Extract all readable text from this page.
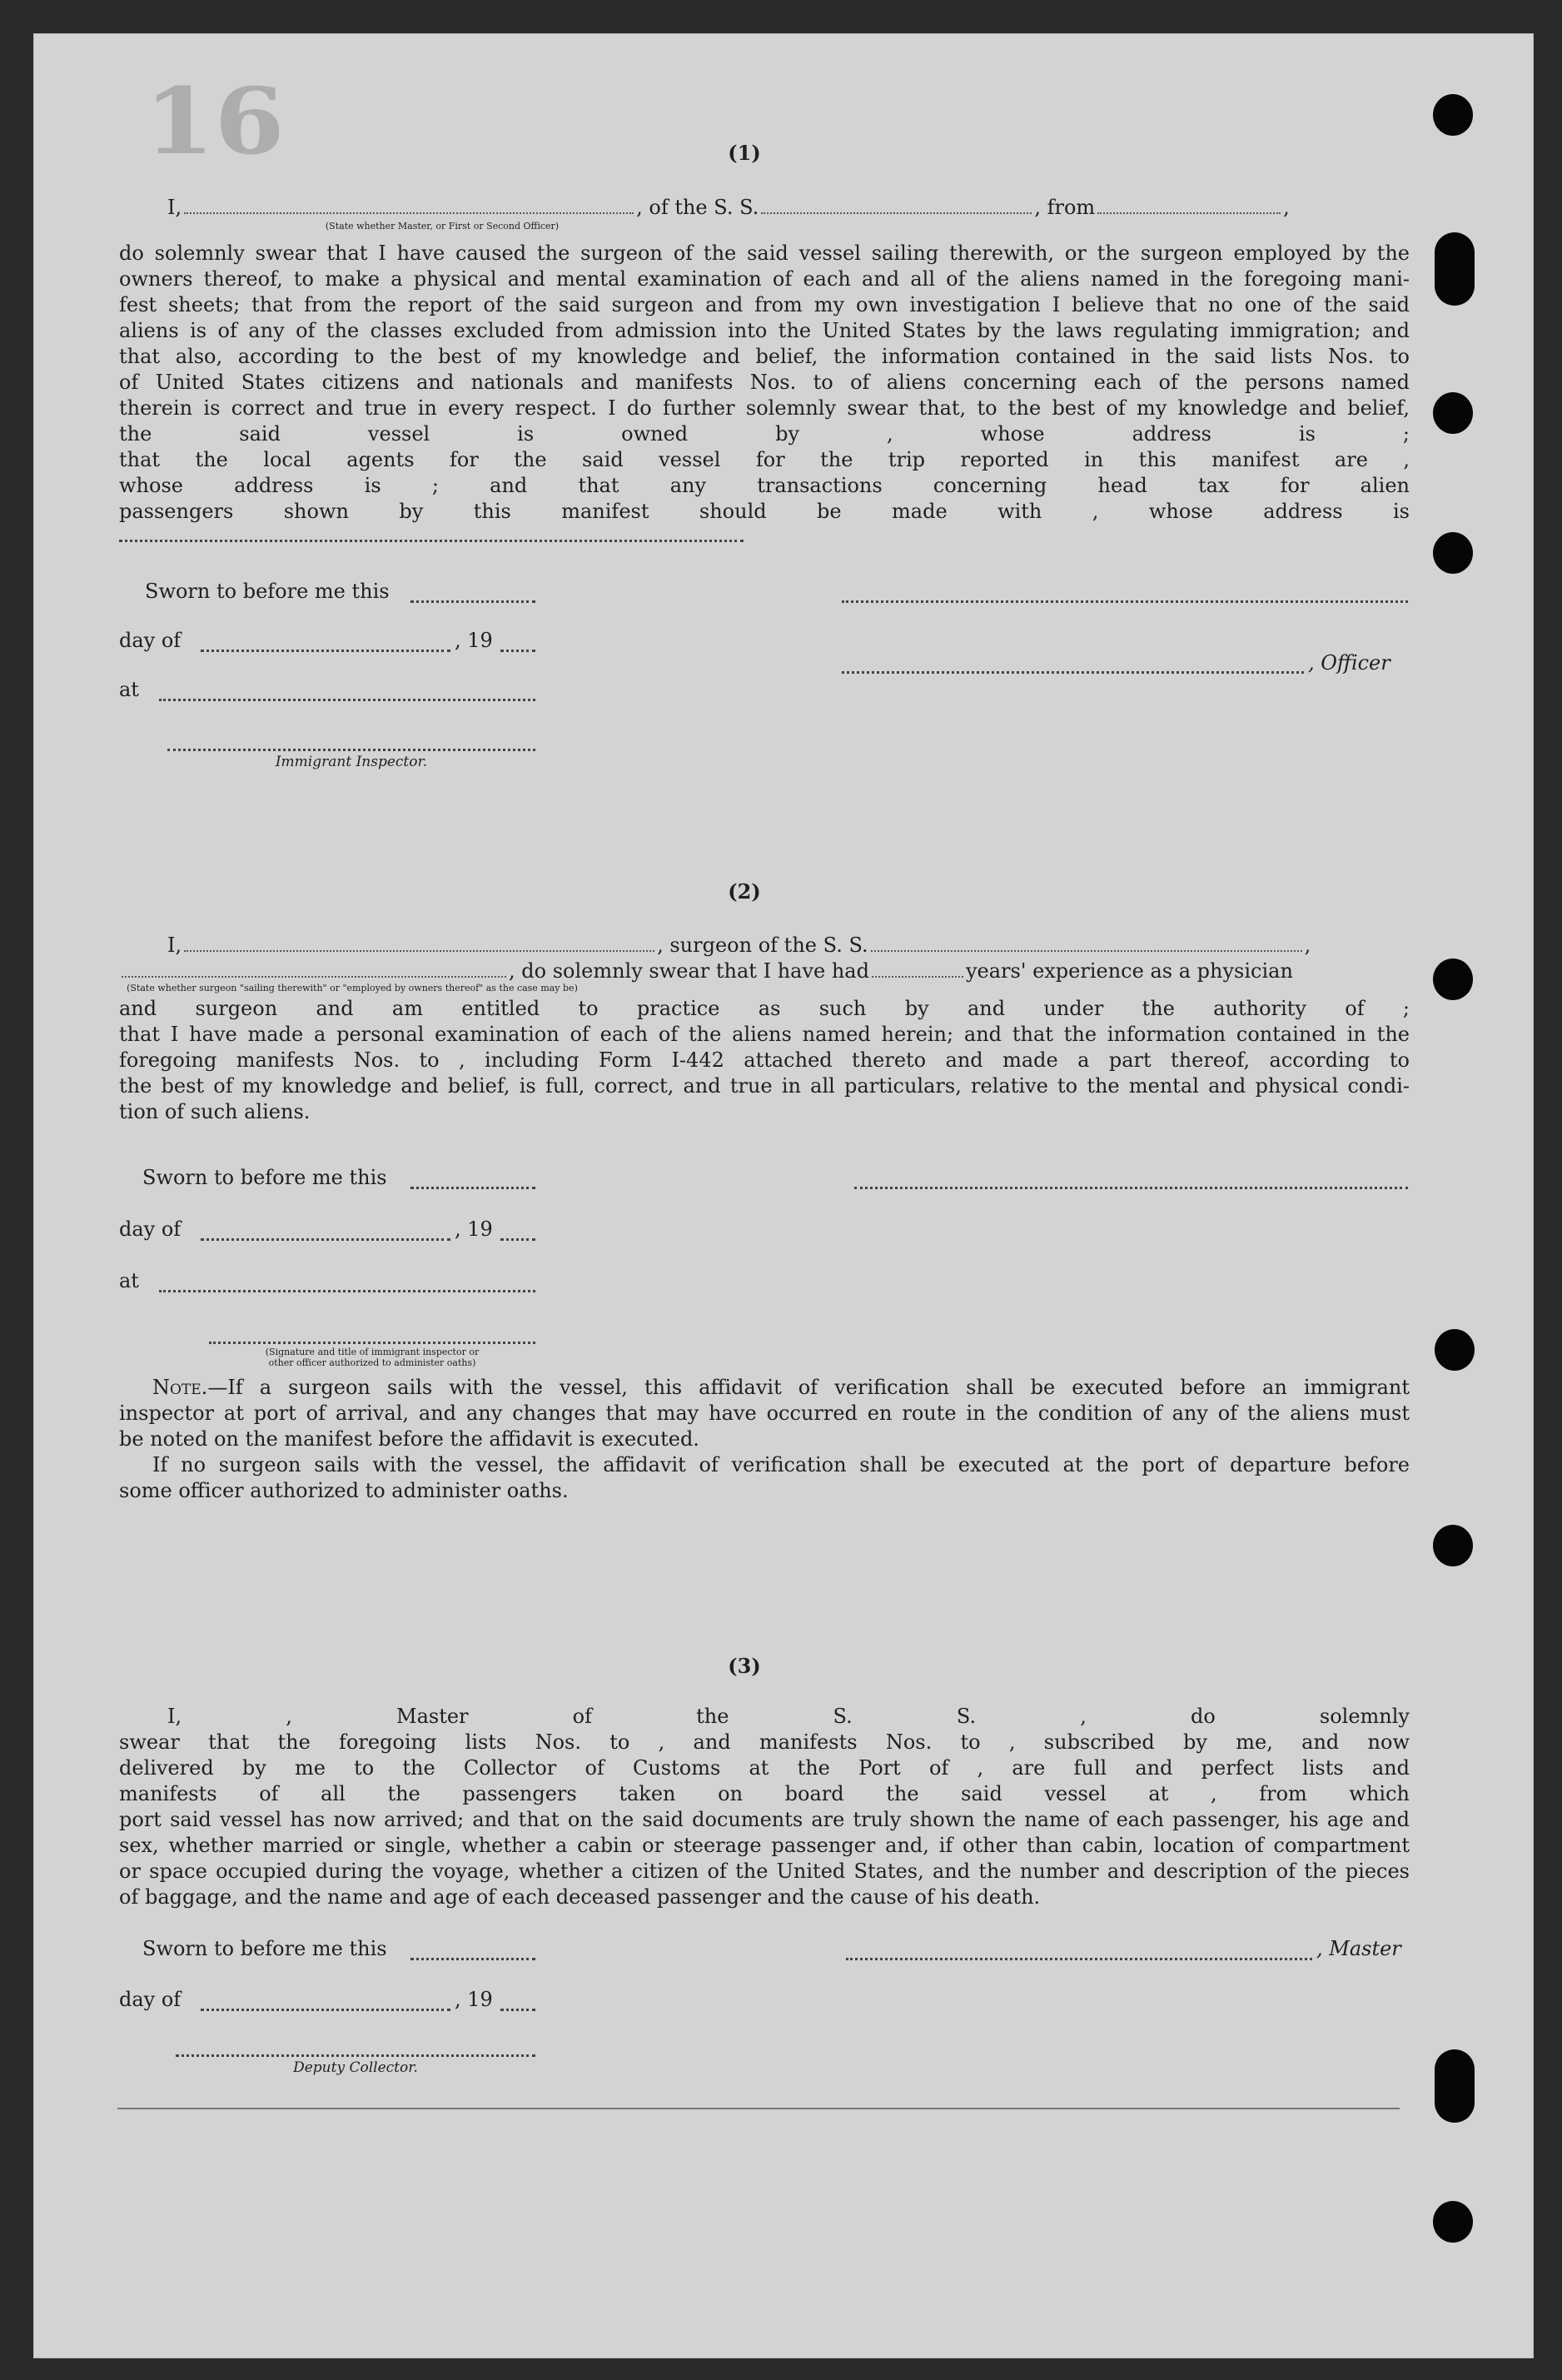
16	(1)
I,	, of the S. S.	, from	,
(State whether Master, or First or Second Officer)
do solemnly swear that I have caused the surgeon of the said vessel sailing therewith, or the surgeon employed by the
owners thereof, to make a physical and mental examination of each and all of the aliens named in the foregoing mani-
fest sheets; that from the report of the said surgeon and from my own investigation I believe that no one of the said
aliens is of any of the classes excluded from admission into the United States by the laws regulating immigration; and
that also, according to the best of my knowledge and belief, the information contained in the said lists Nos. to
of United States citizens and nationals and manifests Nos. to of aliens concerning each of the persons named
therein is correct and true in every respect. I do further solemnly swear that, to the best of my knowledge and belief,
the said vessel is owned by , whose address is ;
that the local agents for the said vessel for the trip reported in this manifest are ,
whose address is ; and that any transactions concerning head tax for alien
passengers shown by this manifest should be made with , whose address is
Sworn to before me this
day of	, 19
, Officer
at
Immigrant Inspector.
(2)
I,	, surgeon of the S. S.	,
, do solemnly swear that I have had	years' experience as a physician
(State whether surgeon "sailing therewith" or "employed by owners thereof" as the case may be)
and surgeon and am entitled to practice as such by and under the authority of ;
that I have made a personal examination of each of the aliens named herein; and that the information contained in the
foregoing manifests Nos. to , including Form I-442 attached thereto and made a part thereof, according to
the best of my knowledge and belief, is full, correct, and true in all particulars, relative to the mental and physical condi-
tion of such aliens.
Sworn to before me this
day of	, 19
at
(Signature and title of immigrant inspector or
other officer authorized to administer oaths)
Note.—If a surgeon sails with the vessel, this affidavit of verification shall be executed before an immigrant
inspector at port of arrival, and any changes that may have occurred en route in the condition of any of the aliens must
be noted on the manifest before the affidavit is executed.
If no surgeon sails with the vessel, the affidavit of verification shall be executed at the port of departure before
some officer authorized to administer oaths.
(3)
I, , Master of the S. S. , do solemnly
swear that the foregoing lists Nos. to , and manifests Nos. to , subscribed by me, and now
delivered by me to the Collector of Customs at the Port of , are full and perfect lists and
manifests of all the passengers taken on board the said vessel at , from which
port said vessel has now arrived; and that on the said documents are truly shown the name of each passenger, his age and
sex, whether married or single, whether a cabin or steerage passenger and, if other than cabin, location of compartment
or space occupied during the voyage, whether a citizen of the United States, and the number and description of the pieces
of baggage, and the name and age of each deceased passenger and the cause of his death.
Sworn to before me this	, Master
day of	, 19
Deputy Collector.
